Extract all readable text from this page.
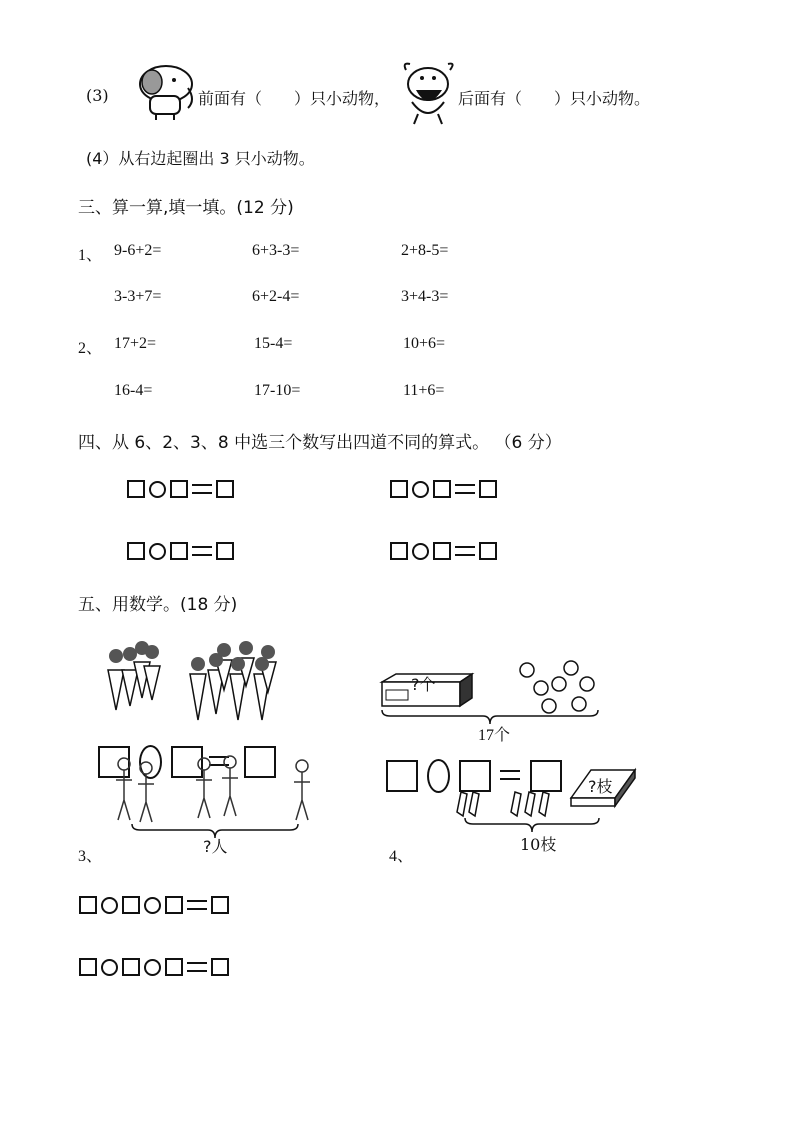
(3)	前面有（　　）只小动物，	后面有（　　）只小动物。
(4）从右边起圈出 3 只小动物。
三、算一算,填一填。(12 分)
1、 9-6+2=	6+3-3=	2+8-5=
3-3+7=	6+2-4=	3+4-3=
2、 17+2=	15-4=	10+6=
16-4=	17-10=	11+6=
四、从 6、2、3、8 中选三个数写出四道不同的算式。 （6 分）
五、用数学。(18 分)
?人
3、
?个
17个
?枝
10枝
4、
